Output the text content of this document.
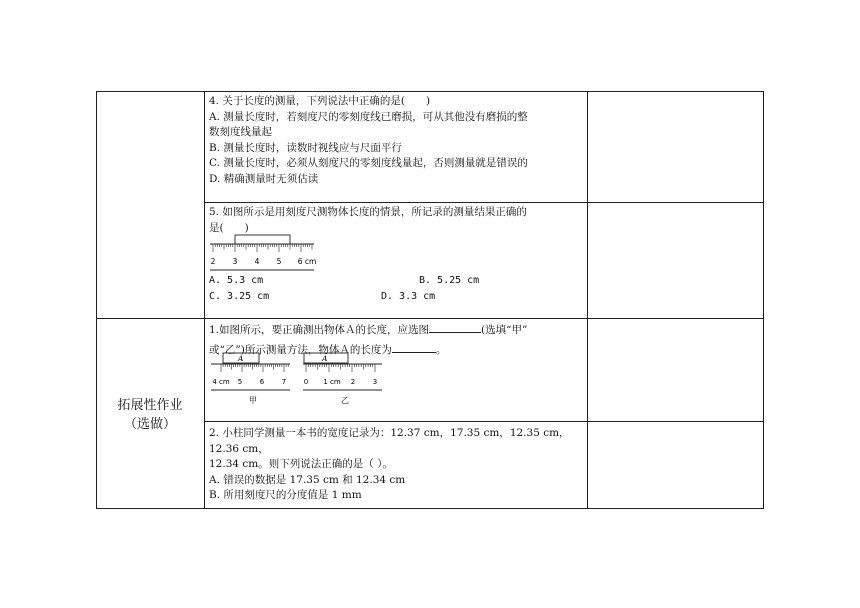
拓展性作业
（选做）
4. 关于长度的测量，下列说法中正确的是(　　)
A. 测量长度时，若刻度尺的零刻度线已磨损，可从其他没有磨损的整
数刻度线量起
B. 测量长度时，读数时视线应与尺面平行
C. 测量长度时，必须从刻度尺的零刻度线量起，否则测量就是错误的
D. 精确测量时无须估读
5. 如图所示是用刻度尺测物体长度的情景，所记录的测量结果正确的
是(　　)
2 3 4 5 6 cm
A. 5.3 cm	B. 5.25 cm
C. 3.25 cm	D. 3.3 cm
1.如图所示，要正确测出物体Ａ的长度，应选图	(选填“甲”
或“乙”)所示测量方法，物体Ａ的长度为	。
A
4 cm 5	6	7
甲
A
0 1 cm 2	3
乙
2. 小柱同学测量一本书的宽度记录为：12.37 cm，17.35 cm，12.35 cm，
12.36 cm，
12.34 cm。则下列说法正确的是（ ）。
A. 错误的数据是 17.35 cm 和 12.34 cm
B. 所用刻度尺的分度值是 1 mm
